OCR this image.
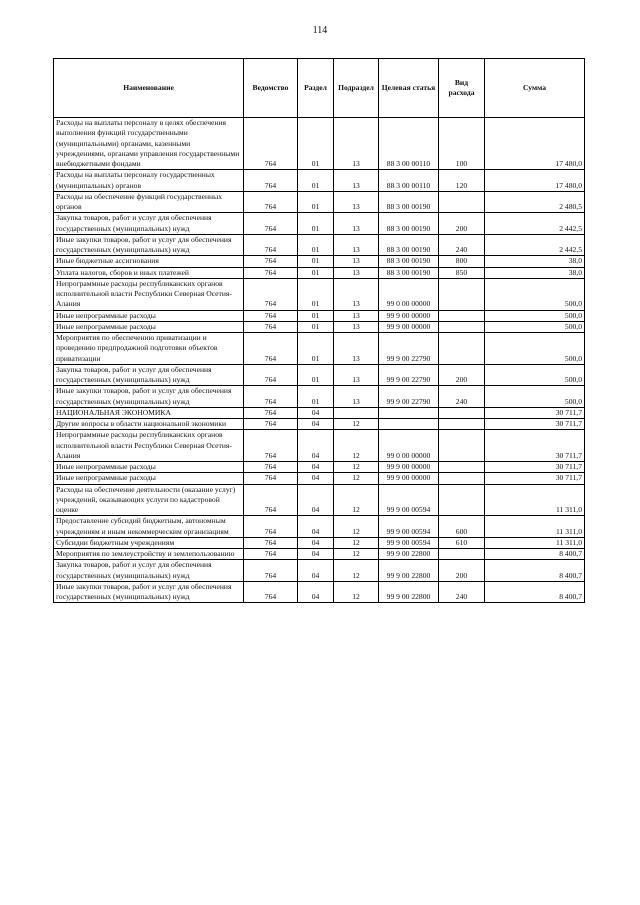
114
Наименование	Ведомство	Раздел	Подраздел	Целевая статья	Вид расхода	Сумма
Расходы на выплаты персоналу в целях обеспечения выполнения функций государственными (муниципальными) органами, казенными учреждениями, органами управления государственными внебюджетными фондами	764	01	13	88 3 00 00110	100	17 480,0
Расходы на выплаты персоналу государственных (муниципальных) органов	764	01	13	88 3 00 00110	120	17 480,0
Расходы на обеспечение функций государственных органов	764	01	13	88 3 00 00190		2 480,5
Закупка товаров, работ и услуг для обеспечения государственных (муниципальных) нужд	764	01	13	88 3 00 00190	200	2 442,5
Иные закупки товаров, работ и услуг для обеспечения государственных (муниципальных) нужд	764	01	13	88 3 00 00190	240	2 442,5
Иные бюджетные ассигнования	764	01	13	88 3 00 00190	800	38,0
Уплата налогов, сборов и иных платежей	764	01	13	88 3 00 00190	850	38,0
Непрограммные расходы республиканских органов исполнительной власти Республики Северная Осетия-Алания	764	01	13	99 0 00 00000		500,0
Иные непрограммные расходы	764	01	13	99 9 00 00000		500,0
Иные непрограммные расходы	764	01	13	99 9 00 00000		500,0
Мероприятия по обеспечению приватизации и проведению предпродажной подготовки объектов приватизации	764	01	13	99 9 00 22790		500,0
Закупка товаров, работ и услуг для обеспечения государственных (муниципальных) нужд	764	01	13	99 9 00 22790	200	500,0
Иные закупки товаров, работ и услуг для обеспечения государственных (муниципальных) нужд	764	01	13	99 9 00 22790	240	500,0
НАЦИОНАЛЬНАЯ ЭКОНОМИКА	764	04				30 711,7
Другие вопросы в области национальной экономики	764	04	12			30 711,7
Непрограммные расходы республиканских органов исполнительной власти Республики Северная Осетия-Алания	764	04	12	99 0 00 00000		30 711,7
Иные непрограммные расходы	764	04	12	99 9 00 00000		30 711,7
Иные непрограммные расходы	764	04	12	99 9 00 00000		30 711,7
Расходы на обеспечение деятельности (оказание услуг) учреждений, оказывающих услуги по кадастровой оценке	764	04	12	99 9 00 00594		11 311,0
Предоставление субсидий бюджетным, автономным учреждениям и иным некоммерческим организациям	764	04	12	99 9 00 00594	600	11 311,0
Субсидии бюджетным учреждениям	764	04	12	99 9 00 00594	610	11 311,0
Мероприятия по землеустройству и землепользованию	764	04	12	99 9 00 22800		8 400,7
Закупка товаров, работ и услуг для обеспечения государственных (муниципальных) нужд	764	04	12	99 9 00 22800	200	8 400,7
Иные закупки товаров, работ и услуг для обеспечения государственных (муниципальных) нужд	764	04	12	99 9 00 22800	240	8 400,7
